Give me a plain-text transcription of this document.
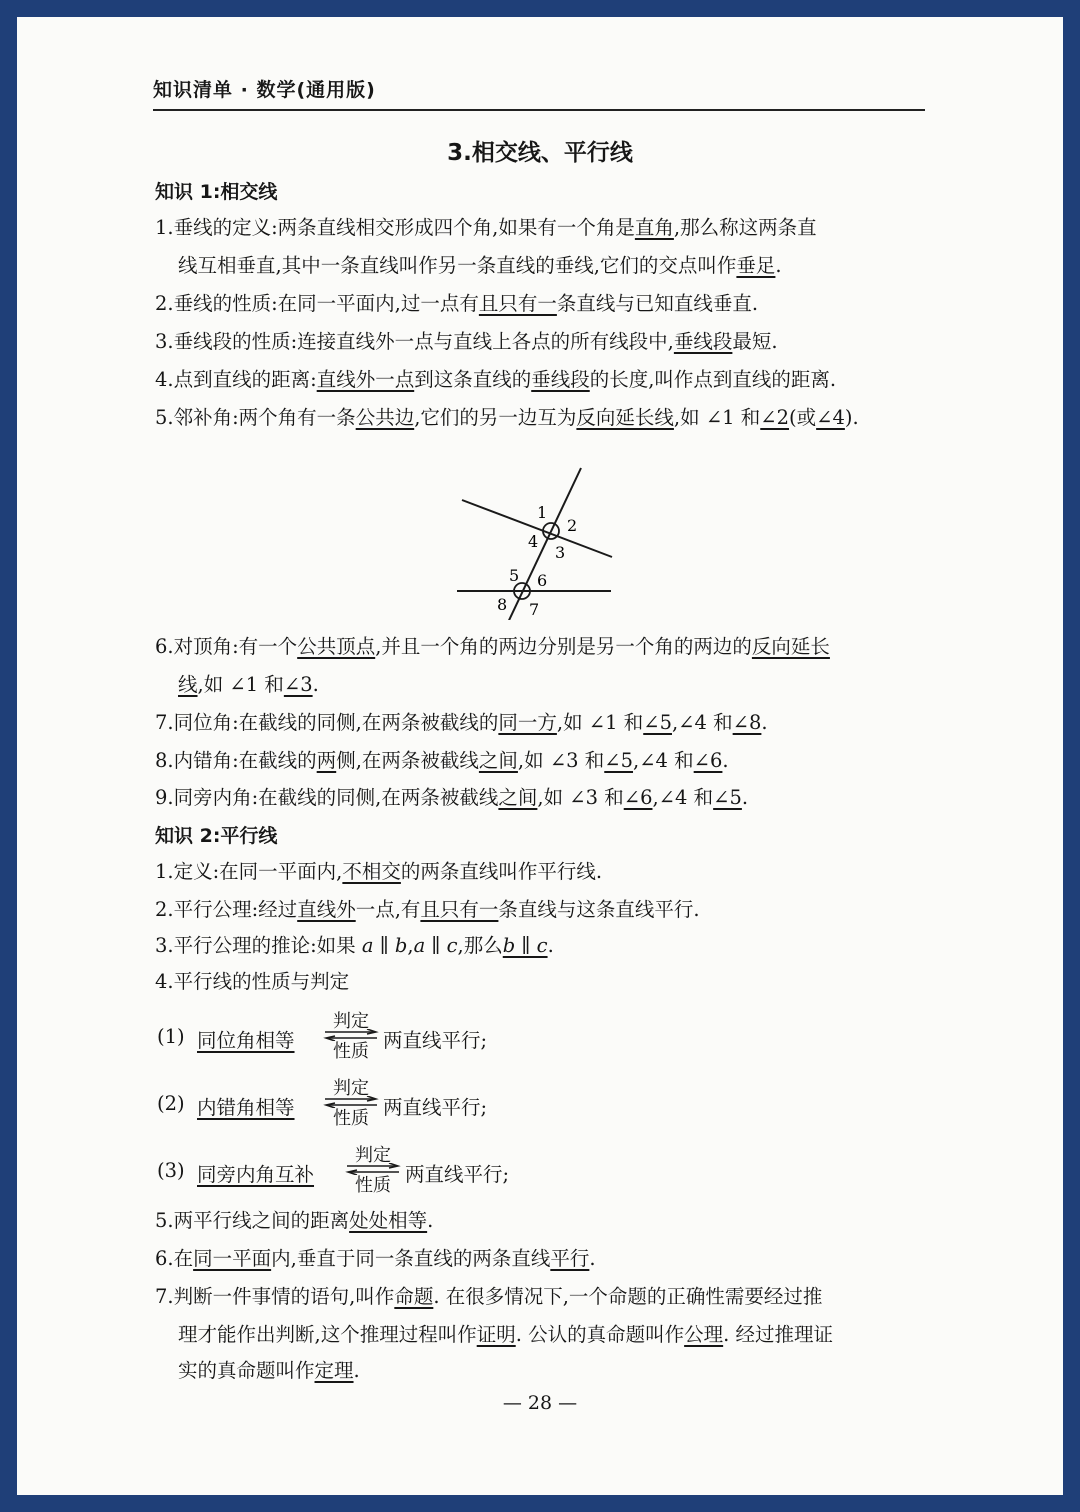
知识清单 · 数学(通用版)
3.相交线、平行线
知识 1:相交线
1.垂线的定义:两条直线相交形成四个角,如果有一个角是直角,那么称这两条直
线互相垂直,其中一条直线叫作另一条直线的垂线,它们的交点叫作垂足.
2.垂线的性质:在同一平面内,过一点有且只有一条直线与已知直线垂直.
3.垂线段的性质:连接直线外一点与直线上各点的所有线段中,垂线段最短.
4.点到直线的距离:直线外一点到这条直线的垂线段的长度,叫作点到直线的距离.
5.邻补角:两个角有一条公共边,它们的另一边互为反向延长线,如 ∠1 和∠2(或∠4).
1
2
3
4
5 6
7
8
6.对顶角:有一个公共顶点,并且一个角的两边分别是另一个角的两边的反向延长
线,如 ∠1 和∠3.
7.同位角:在截线的同侧,在两条被截线的同一方,如 ∠1 和∠5,∠4 和∠8.
8.内错角:在截线的两侧,在两条被截线之间,如 ∠3 和∠5,∠4 和∠6.
9.同旁内角:在截线的同侧,在两条被截线之间,如 ∠3 和∠6,∠4 和∠5.
知识 2:平行线
1.定义:在同一平面内,不相交的两条直线叫作平行线.
2.平行公理:经过直线外一点,有且只有一条直线与这条直线平行.
3.平行公理的推论:如果 a ∥ b,a ∥ c,那么b ∥ c.
4.平行线的性质与判定
(1) 同位角相等
判定
性质 两直线平行;
(2) 内错角相等
判定
性质 两直线平行;
(3) 同旁内角互补
判定
性质 两直线平行;
5.两平行线之间的距离处处相等.
6.在同一平面内,垂直于同一条直线的两条直线平行.
7.判断一件事情的语句,叫作命题. 在很多情况下,一个命题的正确性需要经过推
理才能作出判断,这个推理过程叫作证明. 公认的真命题叫作公理. 经过推理证
实的真命题叫作定理.
— 28 —
